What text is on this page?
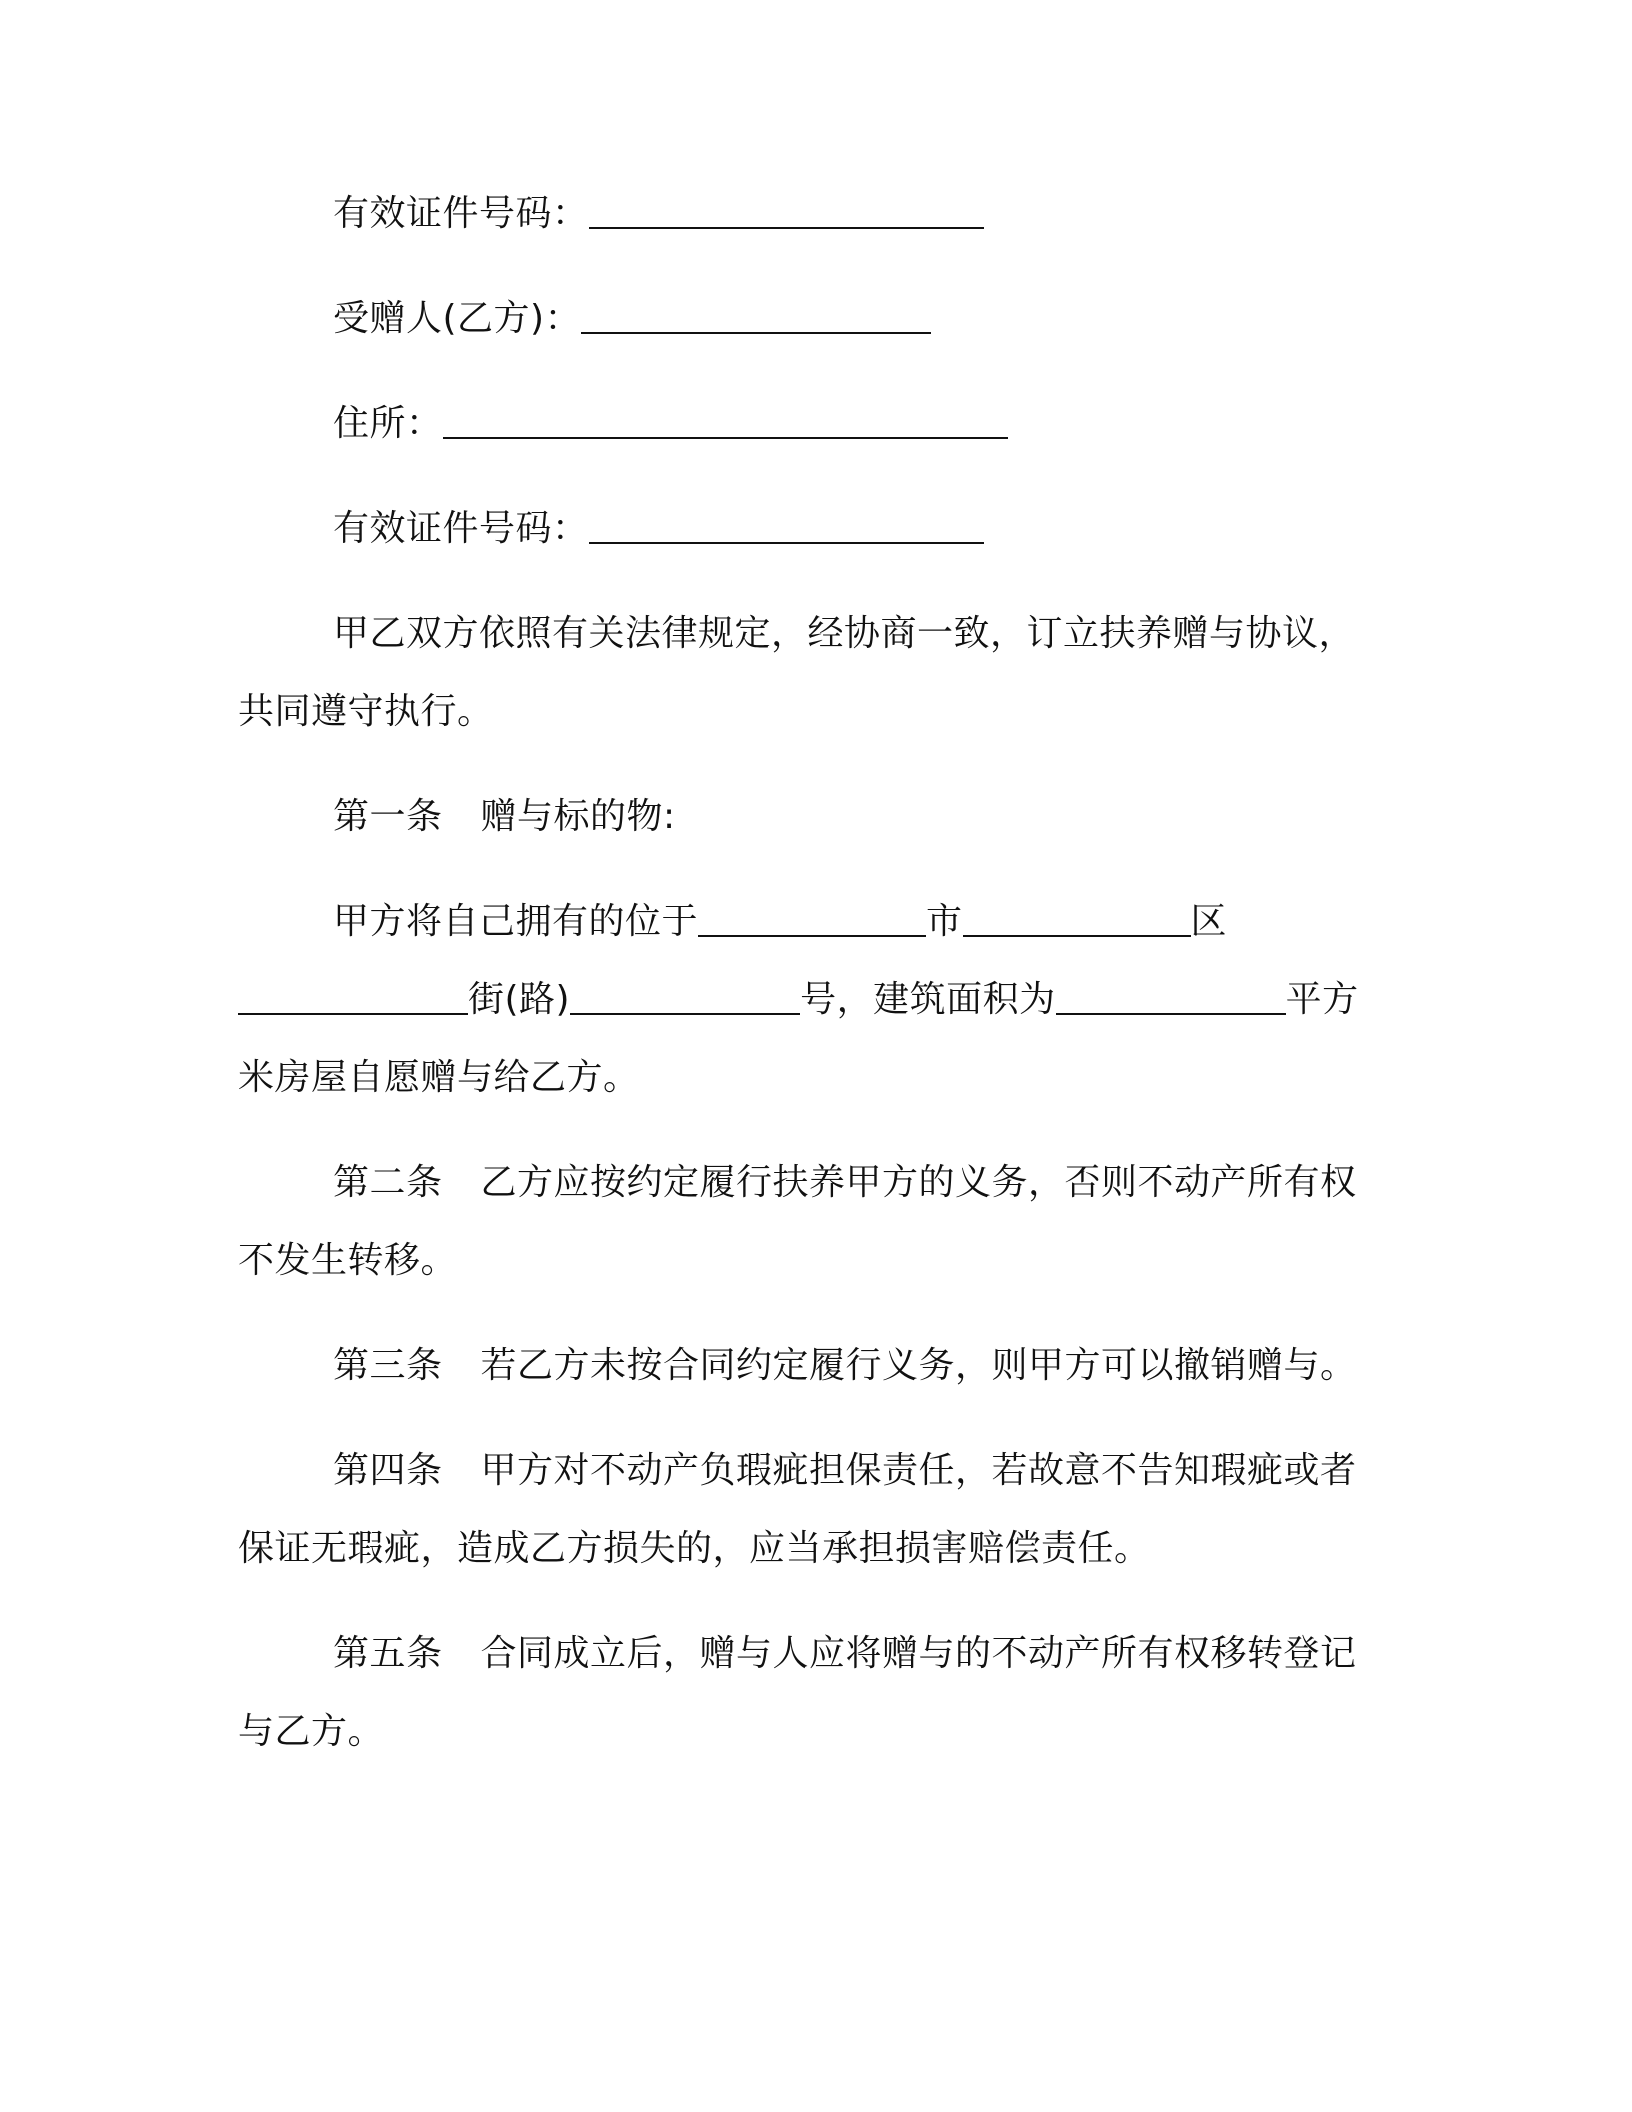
有效证件号码：

受赠人(乙方)：

住所：

有效证件号码：

甲乙双方依照有关法律规定，经协商一致，订立扶养赠与协议，

共同遵守执行。

第一条 赠与标的物:

甲方将自己拥有的位于	市	区

街(路)	号，建筑面积为	平方

米房屋自愿赠与给乙方。

第二条 乙方应按约定履行扶养甲方的义务，否则不动产所有权

不发生转移。

第三条 若乙方未按合同约定履行义务，则甲方可以撤销赠与。

第四条 甲方对不动产负瑕疵担保责任，若故意不告知瑕疵或者

保证无瑕疵，造成乙方损失的，应当承担损害赔偿责任。

第五条 合同成立后，赠与人应将赠与的不动产所有权移转登记

与乙方。
